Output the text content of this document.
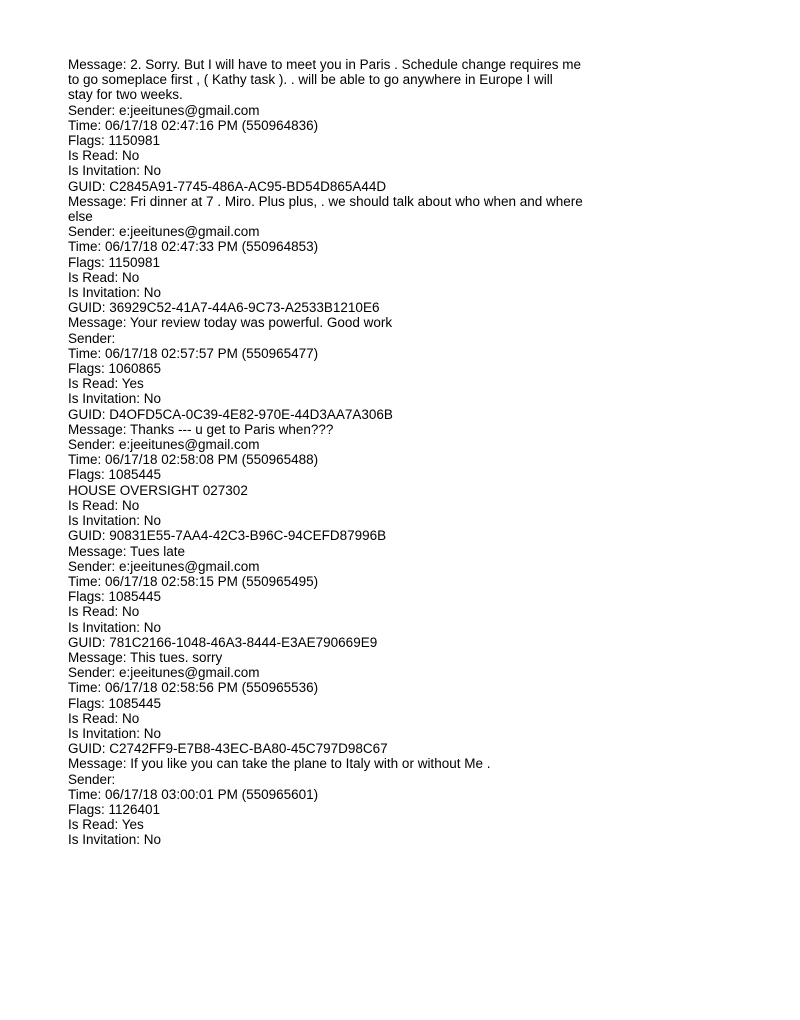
Message: 2. Sorry. But I will have to meet you in Paris . Schedule change requires me
to go someplace first , ( Kathy task ). . will be able to go anywhere in Europe I will
stay for two weeks.
Sender: e:jeeitunes@gmail.com
Time: 06/17/18 02:47:16 PM (550964836)
Flags: 1150981
Is Read: No
Is Invitation: No
GUID: C2845A91-7745-486A-AC95-BD54D865A44D
Message: Fri dinner at 7 . Miro. Plus plus, . we should talk about who when and where
else
Sender: e:jeeitunes@gmail.com
Time: 06/17/18 02:47:33 PM (550964853)
Flags: 1150981
Is Read: No
Is Invitation: No
GUID: 36929C52-41A7-44A6-9C73-A2533B1210E6
Message: Your review today was powerful. Good work
Sender:
Time: 06/17/18 02:57:57 PM (550965477)
Flags: 1060865
Is Read: Yes
Is Invitation: No
GUID: D4OFD5CA-0C39-4E82-970E-44D3AA7A306B
Message: Thanks --- u get to Paris when???
Sender: e:jeeitunes@gmail.com
Time: 06/17/18 02:58:08 PM (550965488)
Flags: 1085445
HOUSE OVERSIGHT 027302
Is Read: No
Is Invitation: No
GUID: 90831E55-7AA4-42C3-B96C-94CEFD87996B
Message: Tues late
Sender: e:jeeitunes@gmail.com
Time: 06/17/18 02:58:15 PM (550965495)
Flags: 1085445
Is Read: No
Is Invitation: No
GUID: 781C2166-1048-46A3-8444-E3AE790669E9
Message: This tues. sorry
Sender: e:jeeitunes@gmail.com
Time: 06/17/18 02:58:56 PM (550965536)
Flags: 1085445
Is Read: No
Is Invitation: No
GUID: C2742FF9-E7B8-43EC-BA80-45C797D98C67
Message: If you like you can take the plane to Italy with or without Me .
Sender:
Time: 06/17/18 03:00:01 PM (550965601)
Flags: 1126401
Is Read: Yes
Is Invitation: No
